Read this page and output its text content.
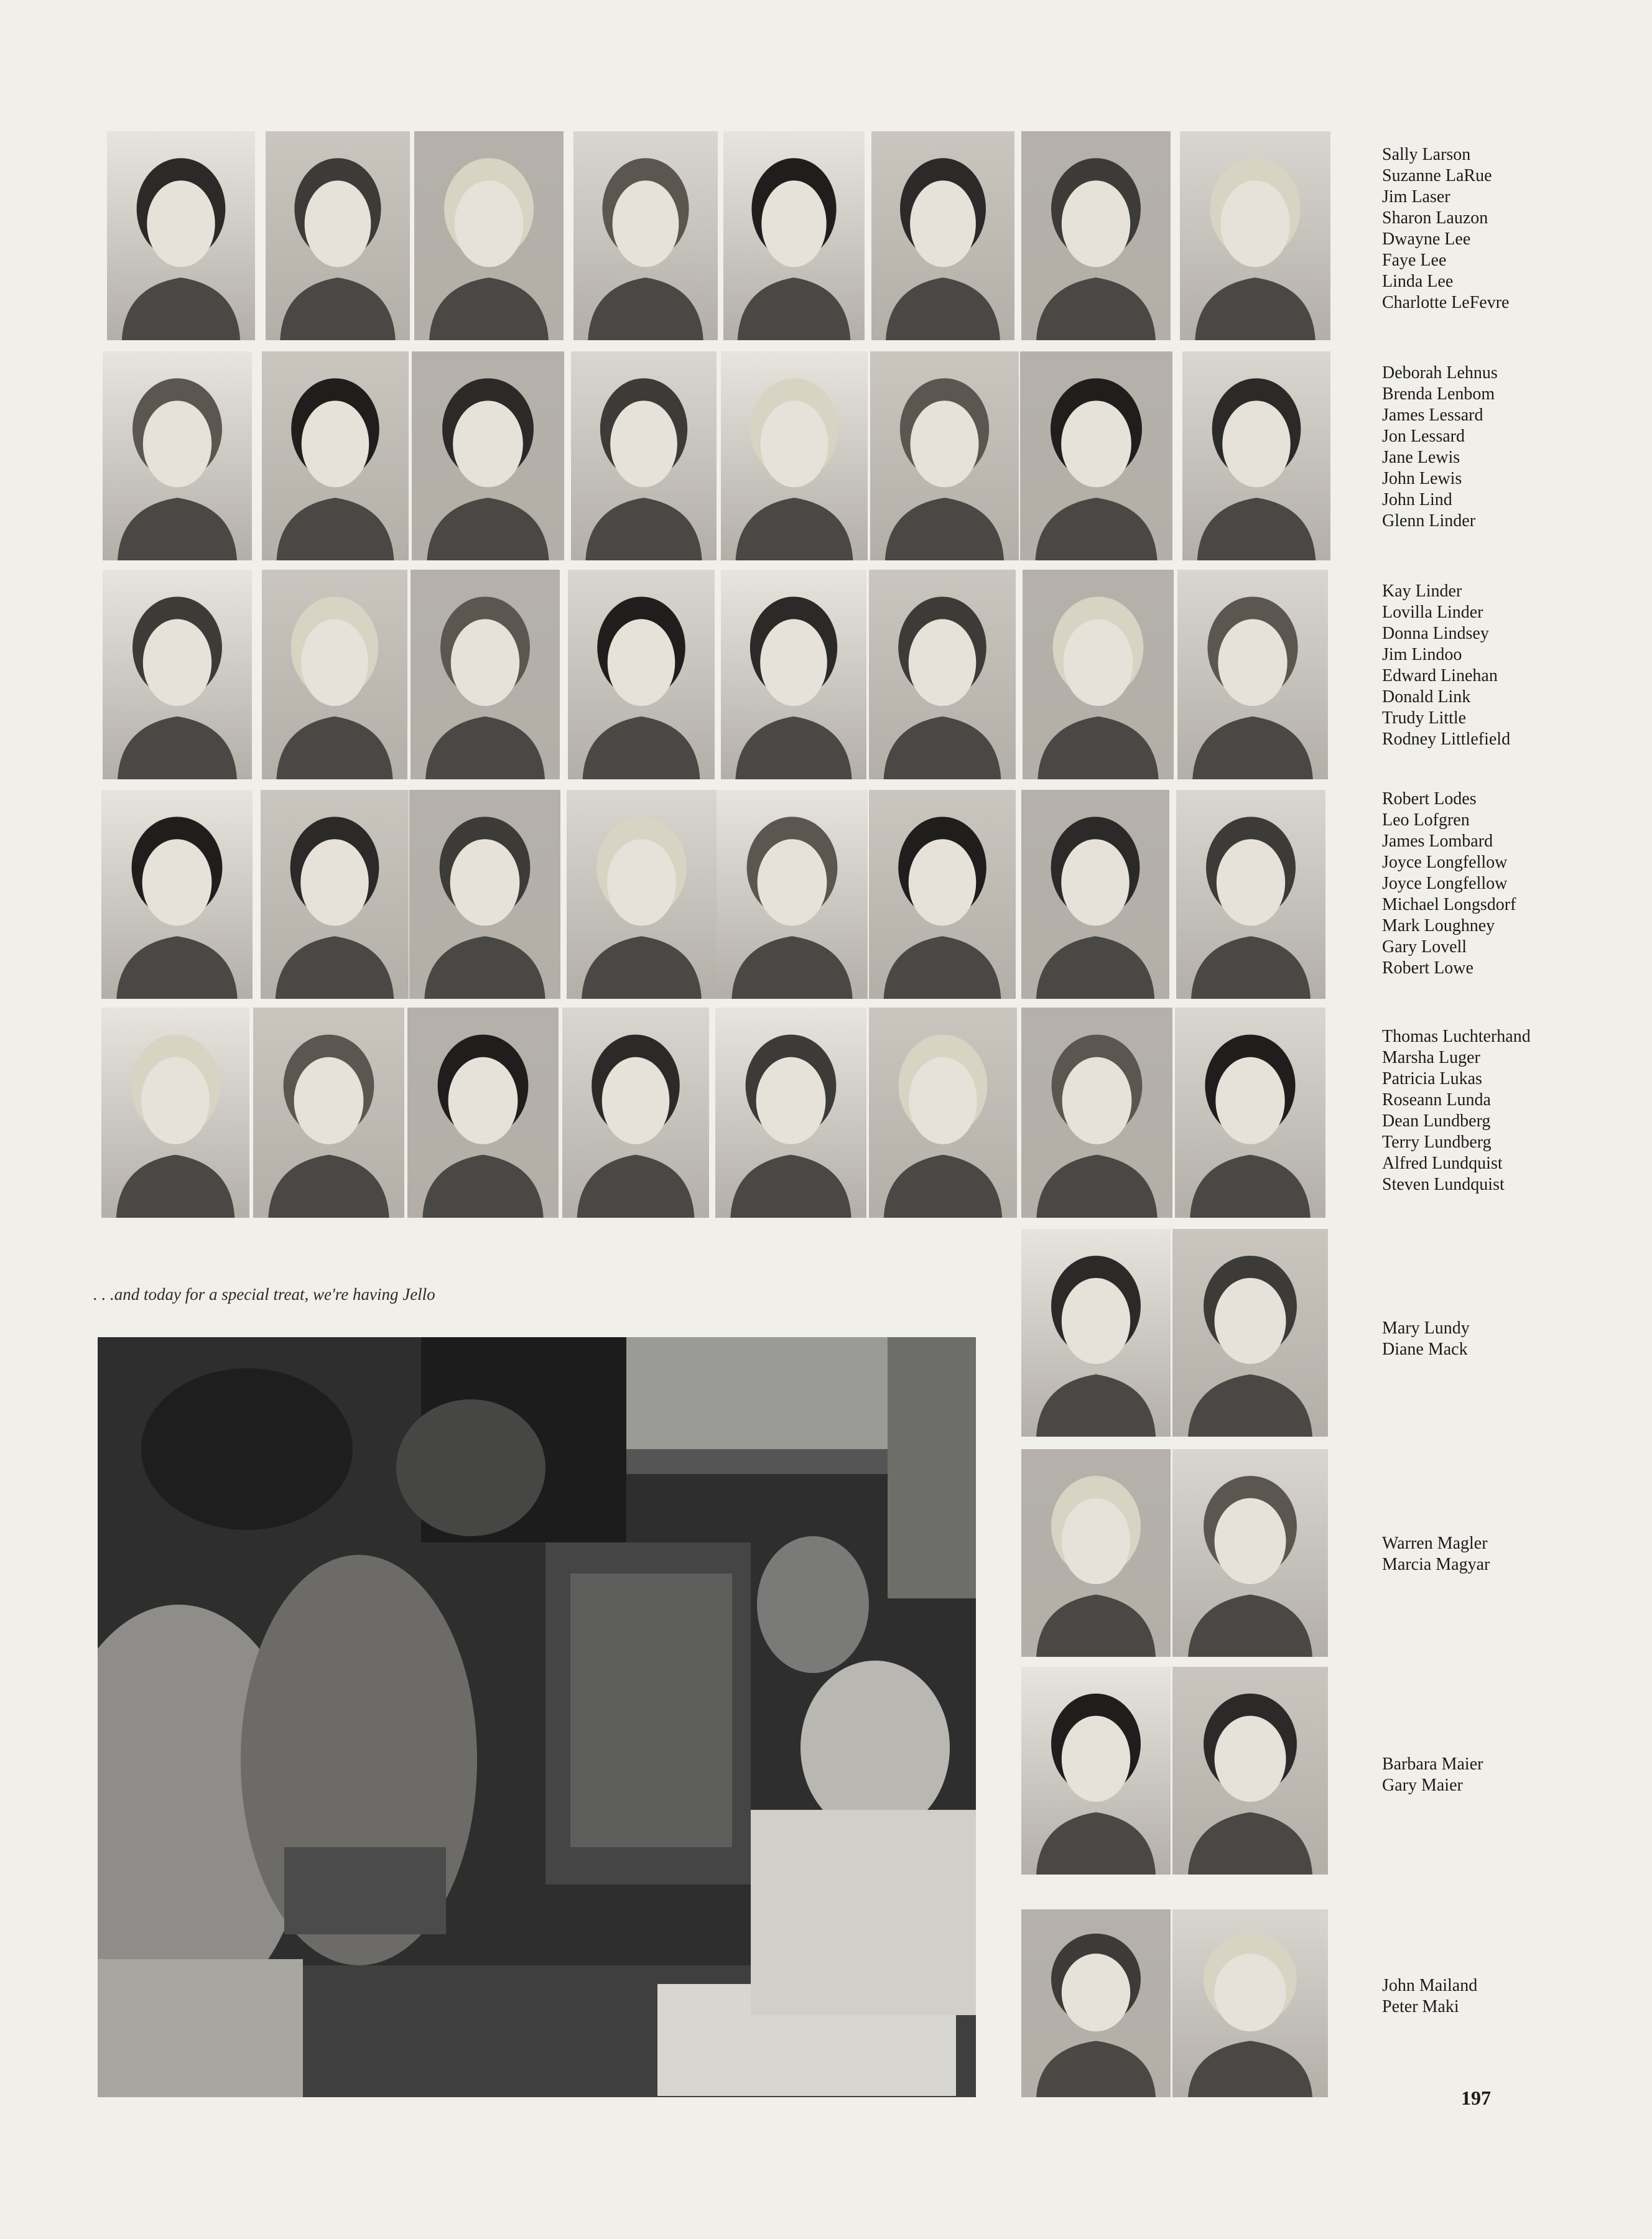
Sally Larson
Suzanne LaRue
Jim Laser
Sharon Lauzon
Dwayne Lee
Faye Lee
Linda Lee
Charlotte LeFevre
Deborah Lehnus
Brenda Lenbom
James Lessard
Jon Lessard
Jane Lewis
John Lewis
John Lind
Glenn Linder
Kay Linder
Lovilla Linder
Donna Lindsey
Jim Lindoo
Edward Linehan
Donald Link
Trudy Little
Rodney Littlefield
Robert Lodes
Leo Lofgren
James Lombard
Joyce Longfellow
Joyce Longfellow
Michael Longsdorf
Mark Loughney
Gary Lovell
Robert Lowe
Thomas Luchterhand
Marsha Luger
Patricia Lukas
Roseann Lunda
Dean Lundberg
Terry Lundberg
Alfred Lundquist
Steven Lundquist
Mary Lundy
Diane Mack
Warren Magler
Marcia Magyar
Barbara Maier
Gary Maier
John Mailand
Peter Maki
. . .and today for a special treat, we're having Jello
197
